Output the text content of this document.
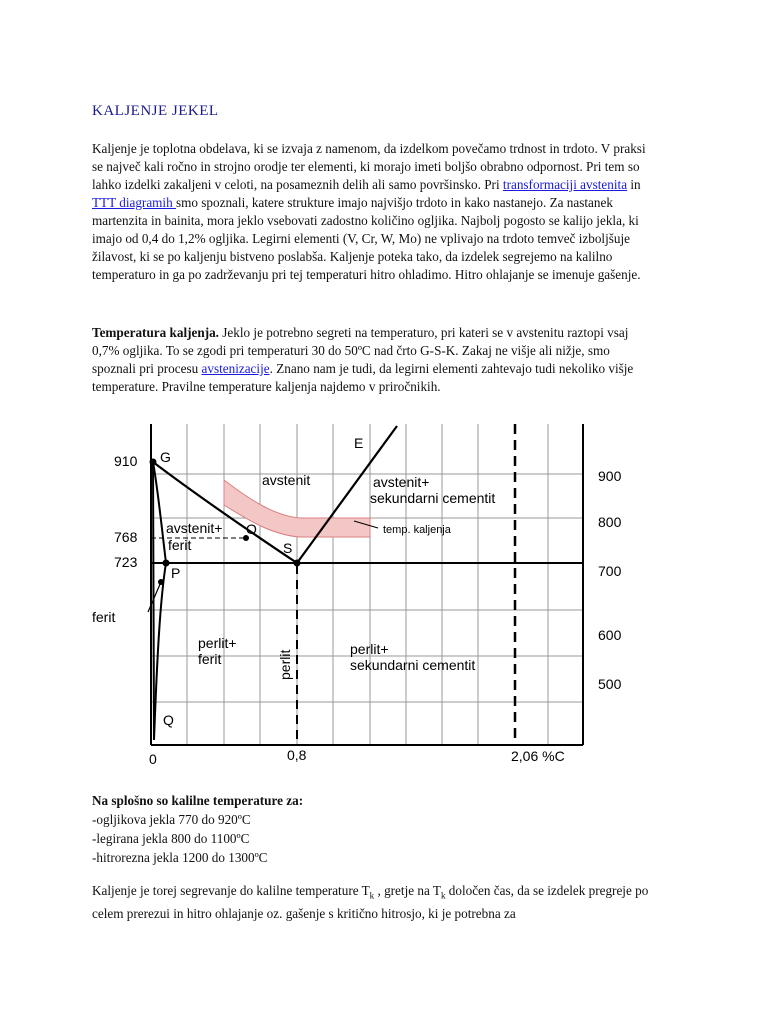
KALJENJE JEKEL

Kaljenje je toplotna obdelava, ki se izvaja z namenom, da izdelkom povečamo trdnost in trdoto. V praksi se največ kali ročno in strojno orodje ter elementi, ki morajo imeti boljšo obrabno odpornost. Pri tem so lahko izdelki zakaljeni v celoti, na posameznih delih ali samo površinsko. Pri transformaciji avstenita in TTT diagramih smo spoznali, katere strukture imajo najvišjo trdoto in kako nastanejo. Za nastanek martenzita in bainita, mora jeklo vsebovati zadostno količino ogljika. Najbolj pogosto se kalijo jekla, ki imajo od 0,4 do 1,2% ogljika. Legirni elementi (V, Cr, W, Mo) ne vplivajo na trdoto temveč izboljšuje žilavost, ki se po kaljenju bistveno poslabša. Kaljenje poteka tako, da izdelek segrejemo na kalilno temperaturo in ga po zadrževanju pri tej temperaturi hitro ohladimo. Hitro ohlajanje se imenuje gašenje.

Temperatura kaljenja. Jeklo je potrebno segreti na temperaturo, pri kateri se v avstenitu raztopi vsaj 0,7% ogljika. To se zgodi pri temperaturi 30 do 50ºC nad črto G-S-K. Zakaj ne višje ali nižje, smo spoznali pri procesu avstenizacije. Znano nam je tudi, da legirni elementi zahtevajo tudi nekoliko višje temperature. Pravilne temperature kaljenja najdemo v priročnikih.

910
768
723
900
800
700
600
500
0	0,8	2,06 %C
G
O
S
P
Q
E
avstenit	avstenit+
sekundarni cementit
avstenit+
ferit
temp. kaljenja
ferit
perlit+
ferit	perlit
perlit+
sekundarni cementit
Na splošno so kalilne temperature za:
-ogljikova jekla 770 do 920ºC
-legirana jekla 800 do 1100ºC
-hitrorezna jekla 1200 do 1300ºC

Kaljenje je torej segrevanje do kalilne temperature $T_k$ , gretje na $T_k$ določen čas, da se izdelek pregreje po celem prerezui in hitro ohlajanje oz. gašenje s kritično hitrosjo, ki je potrebna za
